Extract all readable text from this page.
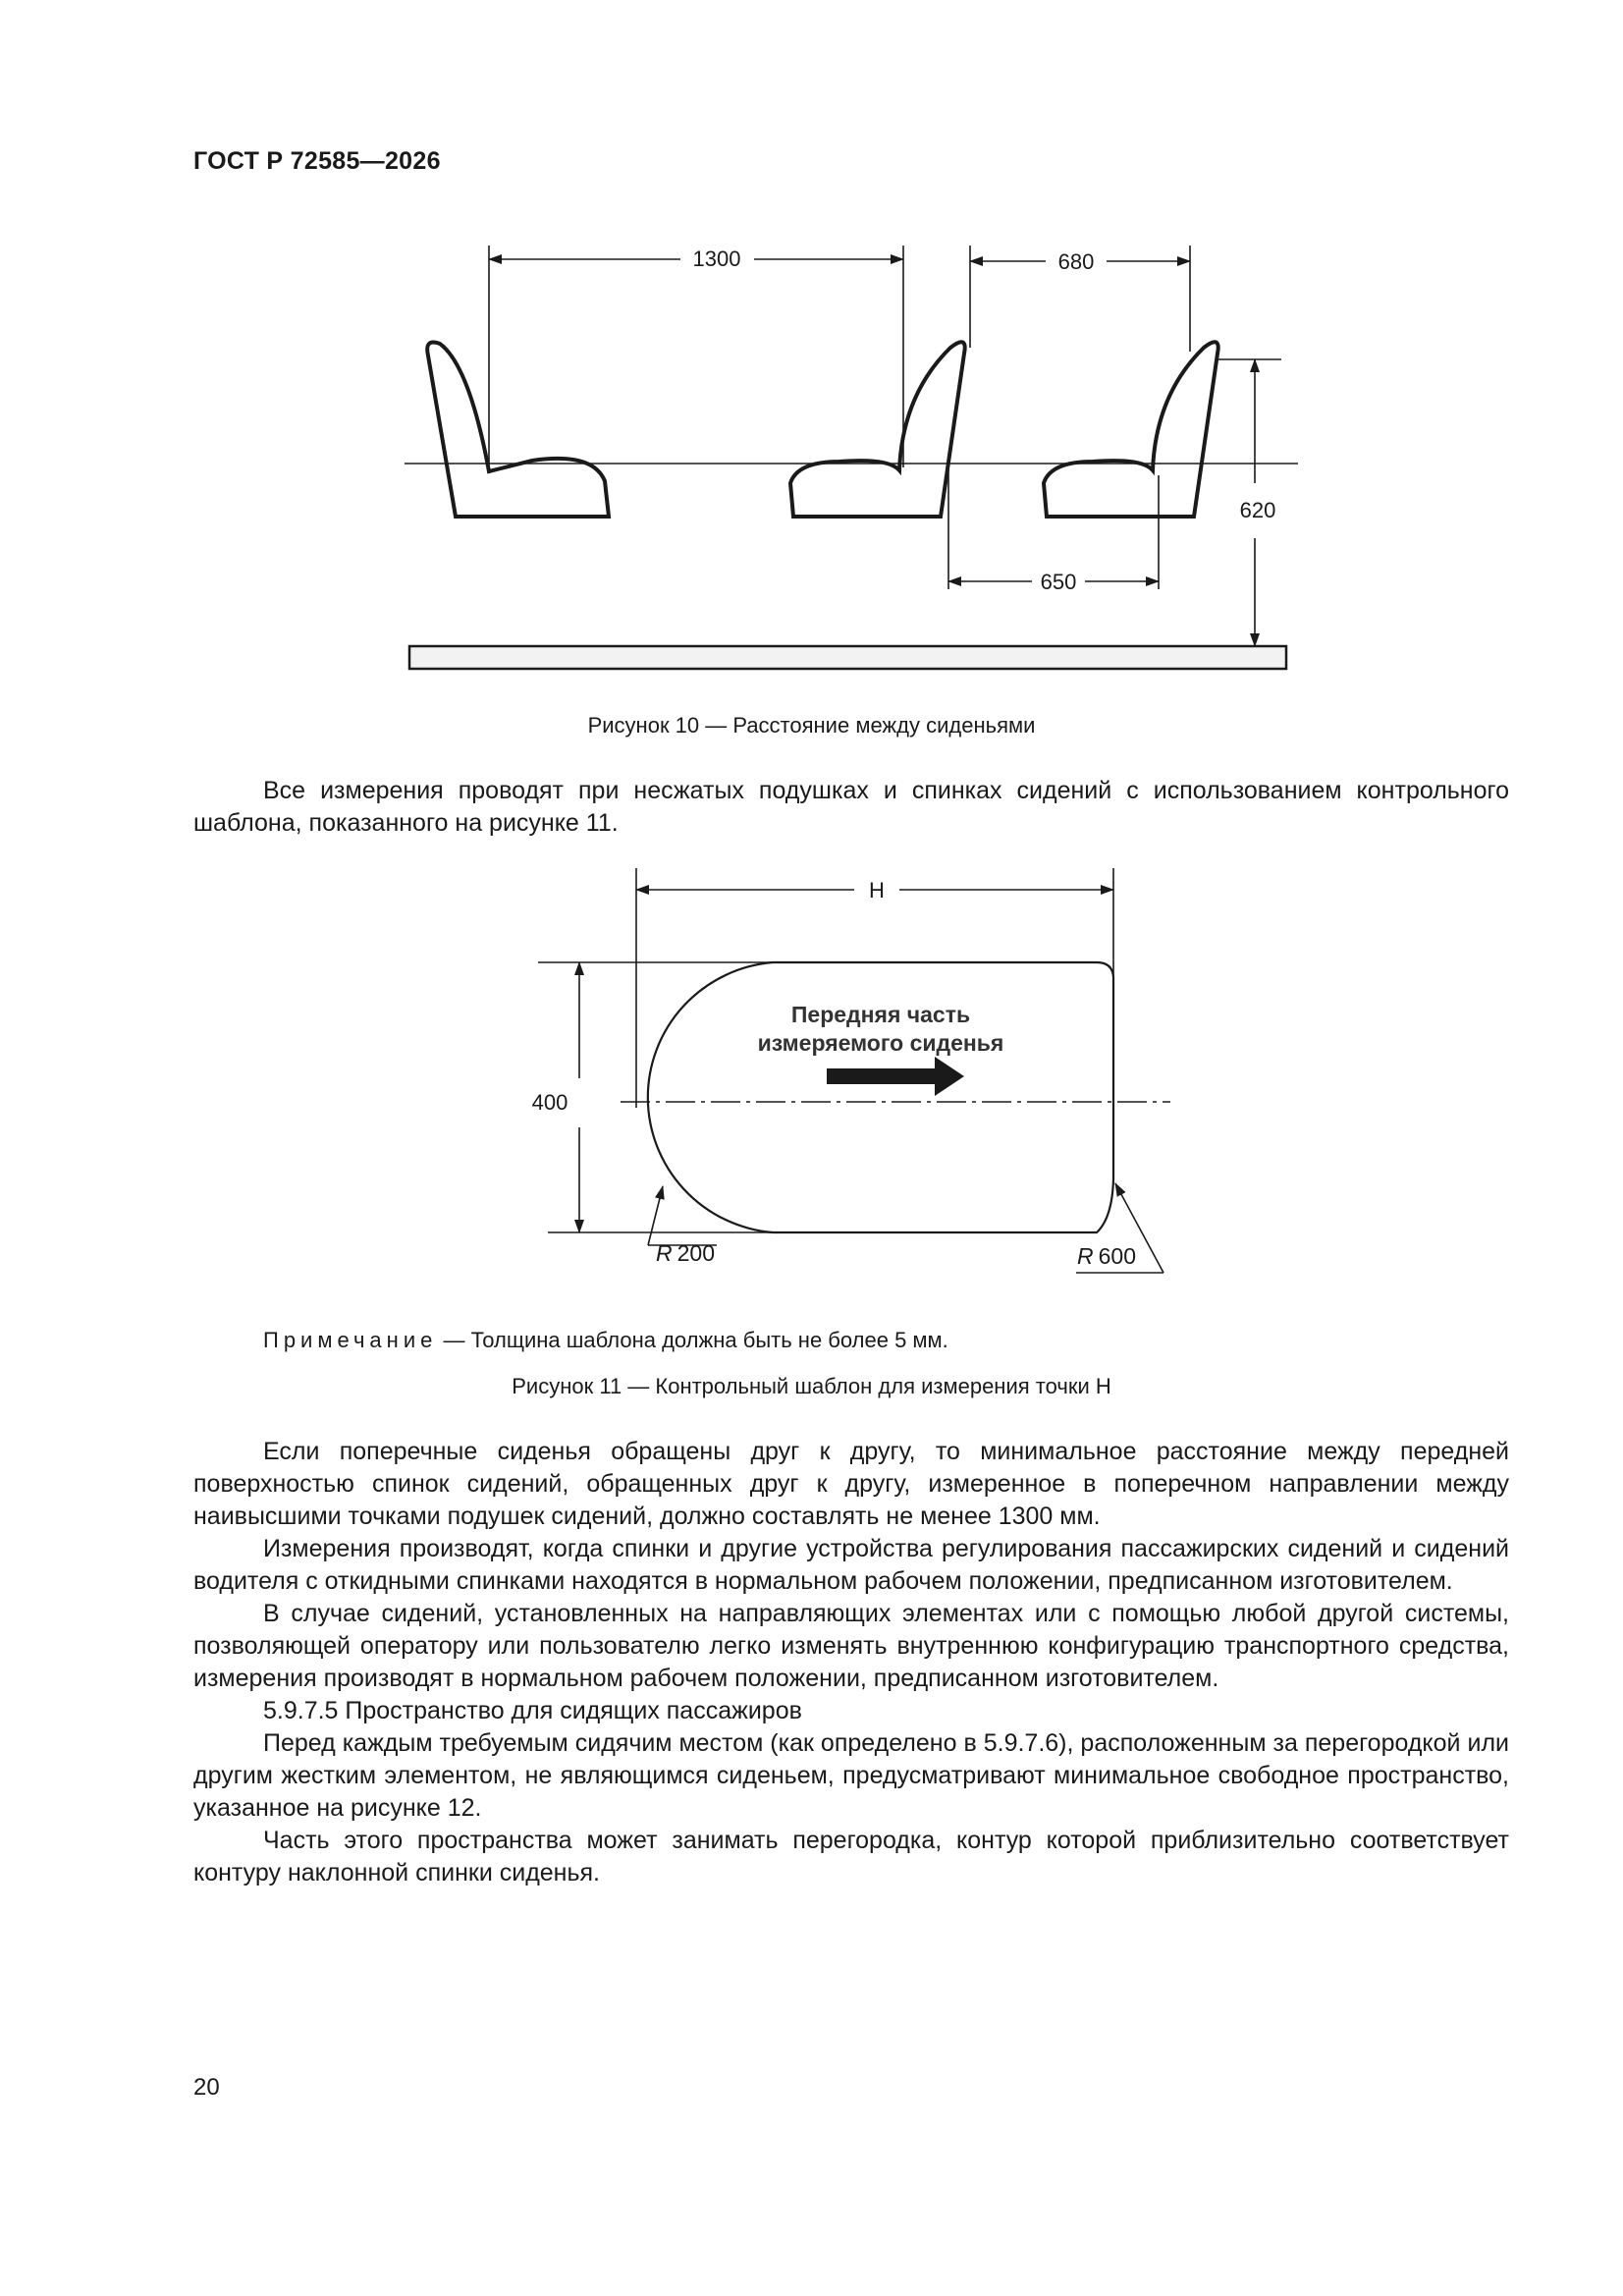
ГОСТ Р 72585—2026
1300	680
620
650
Рисунок 10 — Расстояние между сиденьями

Все измерения проводят при несжатых подушках и спинках сидений с использованием контрольного шаблона, показанного на рисунке 11.

H
400
Передняя часть
измеряемого сиденья
R 200	R 600
Примечание — Толщина шаблона должна быть не более 5 мм.
Рисунок 11 — Контрольный шаблон для измерения точки H

Если поперечные сиденья обращены друг к другу, то минимальное расстояние между передней поверхностью спинок сидений, обращенных друг к другу, измеренное в поперечном направлении между наивысшими точками подушек сидений, должно составлять не менее 1300 мм.

Измерения производят, когда спинки и другие устройства регулирования пассажирских сидений и сидений водителя с откидными спинками находятся в нормальном рабочем положении, предписанном изготовителем.

В случае сидений, установленных на направляющих элементах или с помощью любой другой системы, позволяющей оператору или пользователю легко изменять внутреннюю конфигурацию транспортного средства, измерения производят в нормальном рабочем положении, предписанном изготовителем.

5.9.7.5 Пространство для сидящих пассажиров

Перед каждым требуемым сидячим местом (как определено в 5.9.7.6), расположенным за перегородкой или другим жестким элементом, не являющимся сиденьем, предусматривают минимальное свободное пространство, указанное на рисунке 12.

Часть этого пространства может занимать перегородка, контур которой приблизительно соответствует контуру наклонной спинки сиденья.

20
